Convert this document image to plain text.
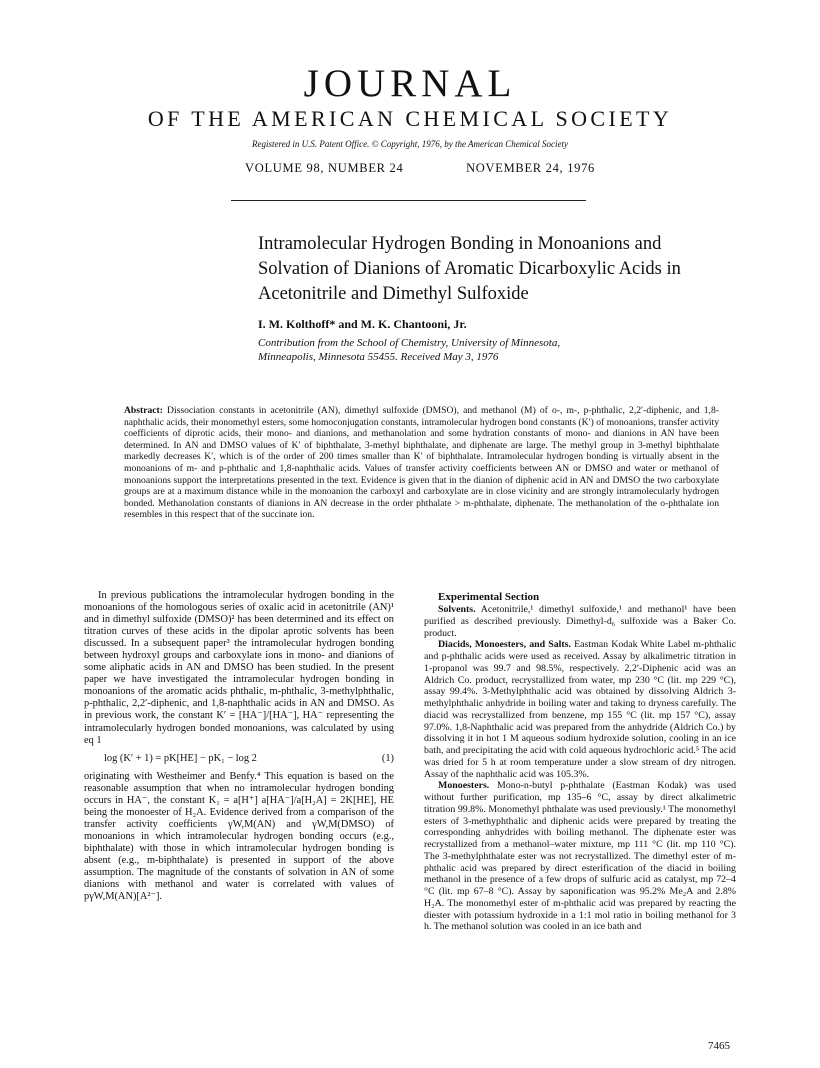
JOURNAL
OF THE AMERICAN CHEMICAL SOCIETY
Registered in U.S. Patent Office. © Copyright, 1976, by the American Chemical Society
VOLUME 98, NUMBER 24	NOVEMBER 24, 1976
Intramolecular Hydrogen Bonding in Monoanions and Solvation of Dianions of Aromatic Dicarboxylic Acids in Acetonitrile and Dimethyl Sulfoxide
I. M. Kolthoff* and M. K. Chantooni, Jr.
Contribution from the School of Chemistry, University of Minnesota,
Minneapolis, Minnesota 55455. Received May 3, 1976
Abstract: Dissociation constants in acetonitrile (AN), dimethyl sulfoxide (DMSO), and methanol (M) of o-, m-, p-phthalic, 2,2′-diphenic, and 1,8-naphthalic acids, their monomethyl esters, some homoconjugation constants, intramolecular hydrogen bond constants (K′) of monoanions, transfer activity coefficients of diprotic acids, their mono- and dianions, and methanolation and some hydration constants of mono- and dianions in AN have been determined. In AN and DMSO values of K′ of biphthalate, 3-methyl biphthalate, and diphenate are large. The methyl group in 3-methyl biphthalate markedly decreases K′, which is of the order of 200 times smaller than K′ of biphthalate. Intramolecular hydrogen bonding is virtually absent in the monoanions of m- and p-phthalic and 1,8-naphthalic acids. Values of transfer activity coefficients between AN or DMSO and water or methanol of monoanions support the interpretations presented in the text. Evidence is given that in the dianion of diphenic acid in AN and DMSO the two carboxylate groups are at a maximum distance while in the monoanion the carboxyl and carboxylate are in close vicinity and are strongly intramolecularly hydrogen bonded. Methanolation constants of dianions in AN decrease in the order phthalate > m-phthalate, diphenate. The methanolation of the o-phthalate ion resembles in this respect that of the succinate ion.

In previous publications the intramolecular hydrogen bonding in the monoanions of the homologous series of oxalic acid in acetonitrile (AN)¹ and in dimethyl sulfoxide (DMSO)² has been determined and its effect on titration curves of these acids in the dipolar aprotic solvents has been discussed. In a subsequent paper³ the intramolecular hydrogen bonding between hydroxyl groups and carboxylate ions in mono- and dianions of some aliphatic acids in AN and DMSO has been studied. In the present paper we have investigated the intramolecular hydrogen bonding in monoanions of the aromatic acids phthalic, m-phthalic, 3-methylphthalic, p-phthalic, 2,2′-diphenic, and 1,8-naphthalic acids in AN and DMSO. As in previous work, the constant K′ = [HA⁻]/[HA⁻], HA⁻ representing the intramolecularly hydrogen bonded monoanions, was calculated by using eq 1

log (K′ + 1) = pK[HE] − pK₁ − log 2	(1)

originating with Westheimer and Benfy.⁴ This equation is based on the reasonable assumption that when no intramolecular hydrogen bonding occurs in HA⁻, the constant K₁ = a[H⁺] a[HA⁻]/a[H₂A] = 2K[HE], HE being the monoester of H₂A. Evidence derived from a comparison of the transfer activity coefficients γW,M(AN) and γW,M(DMSO) of monoanions in which intramolecular hydrogen bonding occurs (e.g., biphthalate) with those in which intramolecular hydrogen bonding is absent (e.g., m-biphthalate) is presented in support of the above assumption. The magnitude of the constants of solvation in AN of some dianions with methanol and water is correlated with values of pγW,M(AN)[A²⁻].

Experimental Section

Solvents. Acetonitrile,¹ dimethyl sulfoxide,¹ and methanol¹ have been purified as described previously. Dimethyl-d₆ sulfoxide was a Baker Co. product.

Diacids, Monoesters, and Salts. Eastman Kodak White Label m-phthalic and p-phthalic acids were used as received. Assay by alkalimetric titration in 1-propanol was 99.7 and 98.5%, respectively. 2,2′-Diphenic acid was an Aldrich Co. product, recrystallized from water, mp 230 °C (lit. mp 229 °C), assay 99.4%. 3-Methylphthalic acid was obtained by dissolving Aldrich 3-methylphthalic anhydride in boiling water and taking to dryness carefully. The diacid was recrystallized from benzene, mp 155 °C (lit. mp 157 °C), assay 97.0%. 1,8-Naphthalic acid was prepared from the anhydride (Aldrich Co.) by dissolving it in hot 1 M aqueous sodium hydroxide solution, cooling in an ice bath, and precipitating the acid with cold aqueous hydrochloric acid.⁵ The acid was dried for 5 h at room temperature under a slow stream of dry nitrogen. Assay of the naphthalic acid was 105.3%.

Monoesters. Mono-n-butyl p-phthalate (Eastman Kodak) was used without further purification, mp 135–6 °C, assay by direct alkalimetric titration 99.8%. Monomethyl phthalate was used previously.¹ The monomethyl esters of 3-methyphthalic and diphenic acids were prepared by treating the corresponding anhydrides with boiling methanol. The diphenate ester was recrystallized from a methanol–water mixture, mp 111 °C (lit. mp 110 °C). The 3-methylphthalate ester was not recrystallized. The dimethyl ester of m-phthalic acid was prepared by direct esterification of the diacid in boiling methanol in the presence of a few drops of sulfuric acid as catalyst, mp 72–4 °C (lit. mp 67–8 °C). Assay by saponification was 95.2% Me₂A and 2.8% H₂A. The monomethyl ester of m-phthalic acid was prepared by reacting the diester with potassium hydroxide in a 1:1 mol ratio in boiling methanol for 3 h. The methanol solution was cooled in an ice bath and

7465
